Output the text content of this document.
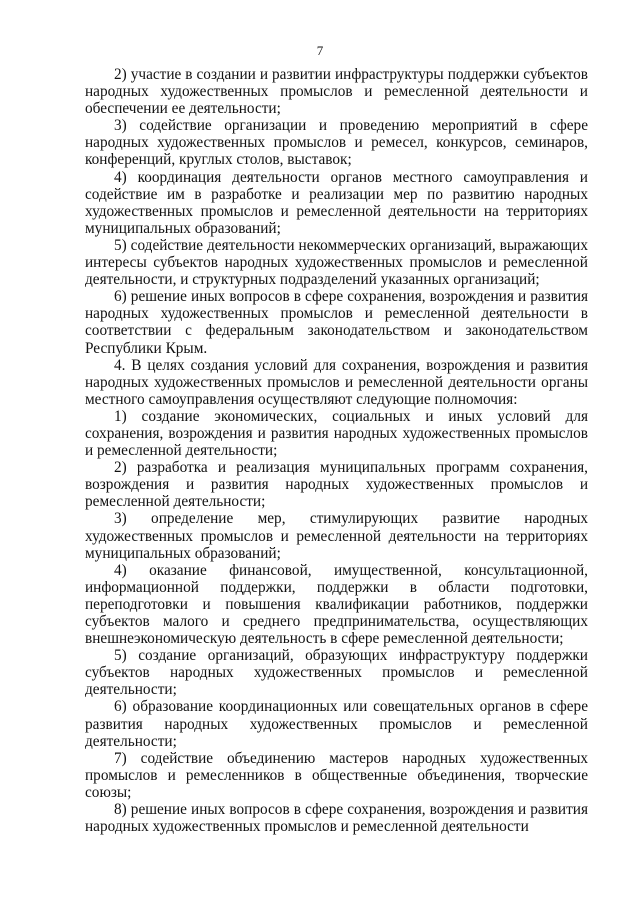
7

2) участие в создании и развитии инфраструктуры поддержки субъектов народных художественных промыслов и ремесленной деятельности и обеспечении ее деятельности;

3) содействие организации и проведению мероприятий в сфере народных художественных промыслов и ремесел, конкурсов, семинаров, конференций, круглых столов, выставок;

4) координация деятельности органов местного самоуправления и содействие им в разработке и реализации мер по развитию народных художественных промыслов и ремесленной деятельности на территориях муниципальных образований;

5) содействие деятельности некоммерческих организаций, выражающих интересы субъектов народных художественных промыслов и ремесленной деятельности, и структурных подразделений указанных организаций;

6) решение иных вопросов в сфере сохранения, возрождения и развития народных художественных промыслов и ремесленной деятельности в соответствии с федеральным законодательством и законодательством Республики Крым.

4. В целях создания условий для сохранения, возрождения и развития народных художественных промыслов и ремесленной деятельности органы местного самоуправления осуществляют следующие полномочия:

1) создание экономических, социальных и иных условий для сохранения, возрождения и развития народных художественных промыслов и ремесленной деятельности;

2) разработка и реализация муниципальных программ сохранения, возрождения и развития народных художественных промыслов и ремесленной деятельности;

3) определение мер, стимулирующих развитие народных художественных промыслов и ремесленной деятельности на территориях муниципальных образований;

4) оказание финансовой, имущественной, консультационной, информационной поддержки, поддержки в области подготовки, переподготовки и повышения квалификации работников, поддержки субъектов малого и среднего предпринимательства, осуществляющих внешнеэкономическую деятельность в сфере ремесленной деятельности;

5) создание организаций, образующих инфраструктуру поддержки субъектов народных художественных промыслов и ремесленной деятельности;

6) образование координационных или совещательных органов в сфере развития народных художественных промыслов и ремесленной деятельности;

7) содействие объединению мастеров народных художественных промыслов и ремесленников в общественные объединения, творческие союзы;

8) решение иных вопросов в сфере сохранения, возрождения и развития народных художественных промыслов и ремесленной деятельности
